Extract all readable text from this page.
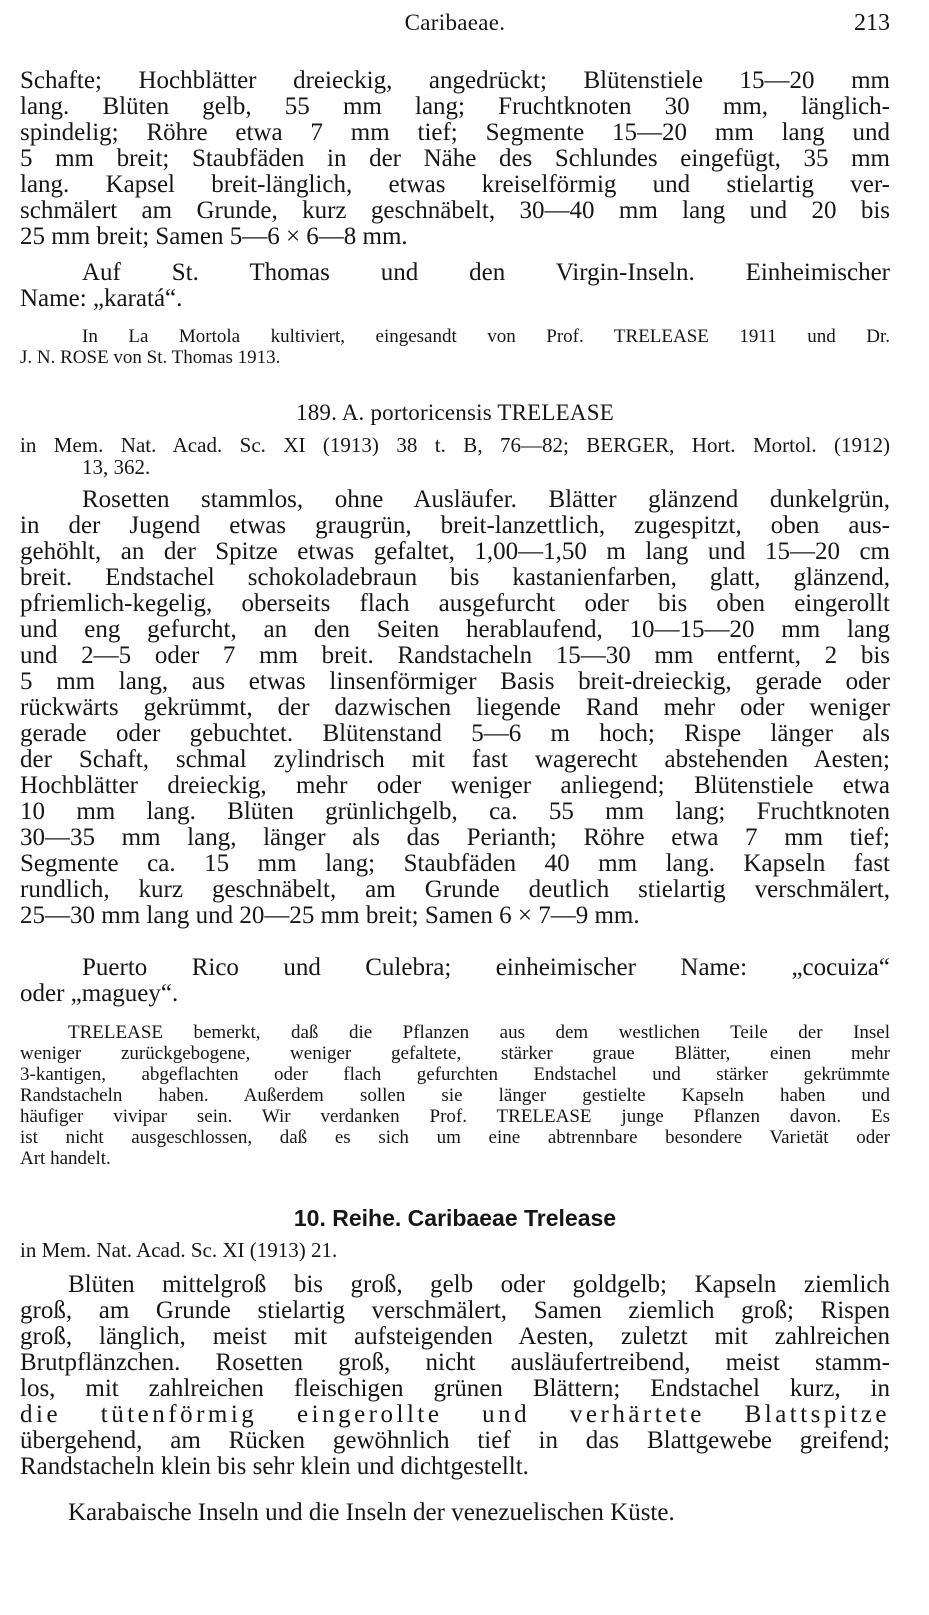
Caribaeae.	213
Schafte; Hochblätter dreieckig, angedrückt; Blütenstiele 15—20 mm
lang. Blüten gelb, 55 mm lang; Fruchtknoten 30 mm, länglich-
spindelig; Röhre etwa 7 mm tief; Segmente 15—20 mm lang und
5 mm breit; Staubfäden in der Nähe des Schlundes eingefügt, 35 mm
lang. Kapsel breit-länglich, etwas kreiselförmig und stielartig ver-
schmälert am Grunde, kurz geschnäbelt, 30—40 mm lang und 20 bis
25 mm breit; Samen 5—6 × 6—8 mm.
Auf St. Thomas und den Virgin-Inseln. Einheimischer
Name: „karatá“.
In La Mortola kultiviert, eingesandt von Prof. TRELEASE 1911 und Dr.
J. N. ROSE von St. Thomas 1913.
189. A. portoricensis TRELEASE
in Mem. Nat. Acad. Sc. XI (1913) 38 t. B, 76—82; BERGER, Hort. Mortol. (1912)
13, 362.
Rosetten stammlos, ohne Ausläufer. Blätter glänzend dunkelgrün,
in der Jugend etwas graugrün, breit-lanzettlich, zugespitzt, oben aus-
gehöhlt, an der Spitze etwas gefaltet, 1,00—1,50 m lang und 15—20 cm
breit. Endstachel schokoladebraun bis kastanienfarben, glatt, glänzend,
pfriemlich-kegelig, oberseits flach ausgefurcht oder bis oben eingerollt
und eng gefurcht, an den Seiten herablaufend, 10—15—20 mm lang
und 2—5 oder 7 mm breit. Randstacheln 15—30 mm entfernt, 2 bis
5 mm lang, aus etwas linsenförmiger Basis breit-dreieckig, gerade oder
rückwärts gekrümmt, der dazwischen liegende Rand mehr oder weniger
gerade oder gebuchtet. Blütenstand 5—6 m hoch; Rispe länger als
der Schaft, schmal zylindrisch mit fast wagerecht abstehenden Aesten;
Hochblätter dreieckig, mehr oder weniger anliegend; Blütenstiele etwa
10 mm lang. Blüten grünlichgelb, ca. 55 mm lang; Fruchtknoten
30—35 mm lang, länger als das Perianth; Röhre etwa 7 mm tief;
Segmente ca. 15 mm lang; Staubfäden 40 mm lang. Kapseln fast
rundlich, kurz geschnäbelt, am Grunde deutlich stielartig verschmälert,
25—30 mm lang und 20—25 mm breit; Samen 6 × 7—9 mm.
Puerto Rico und Culebra; einheimischer Name: „cocuiza“
oder „maguey“.
TRELEASE bemerkt, daß die Pflanzen aus dem westlichen Teile der Insel
weniger zurückgebogene, weniger gefaltete, stärker graue Blätter, einen mehr
3-kantigen, abgeflachten oder flach gefurchten Endstachel und stärker gekrümmte
Randstacheln haben. Außerdem sollen sie länger gestielte Kapseln haben und
häufiger vivipar sein. Wir verdanken Prof. TRELEASE junge Pflanzen davon. Es
ist nicht ausgeschlossen, daß es sich um eine abtrennbare besondere Varietät oder
Art handelt.
10. Reihe. Caribaeae Trelease
in Mem. Nat. Acad. Sc. XI (1913) 21.
Blüten mittelgroß bis groß, gelb oder goldgelb; Kapseln ziemlich
groß, am Grunde stielartig verschmälert, Samen ziemlich groß; Rispen
groß, länglich, meist mit aufsteigenden Aesten, zuletzt mit zahlreichen
Brutpflänzchen. Rosetten groß, nicht ausläufertreibend, meist stamm-
los, mit zahlreichen fleischigen grünen Blättern; Endstachel kurz, in
die tütenförmig eingerollte und verhärtete Blattspitze
übergehend, am Rücken gewöhnlich tief in das Blattgewebe greifend;
Randstacheln klein bis sehr klein und dichtgestellt.
Karabaische Inseln und die Inseln der venezuelischen Küste.
